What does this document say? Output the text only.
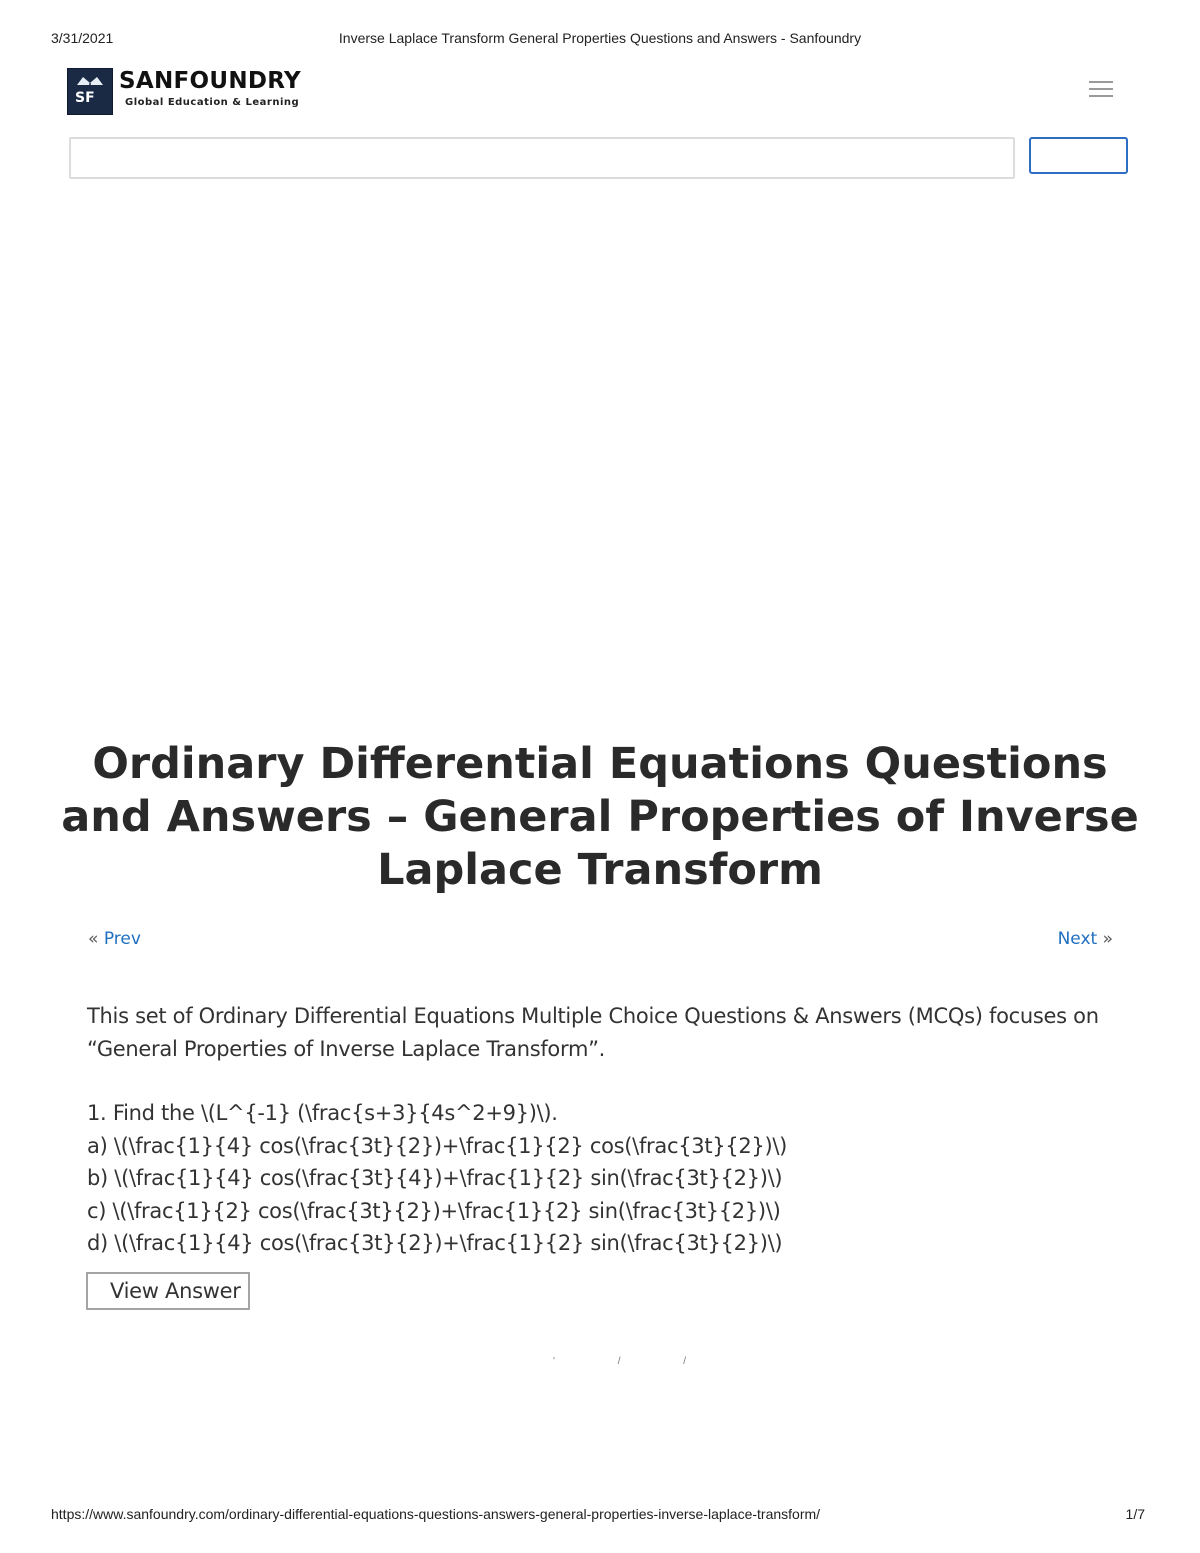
3/31/2021	Inverse Laplace Transform General Properties Questions and Answers - Sanfoundry
SF
SANFOUNDRY
Global Education & Learning
Ordinary Differential Equations Questions and Answers – General Properties of Inverse Laplace Transform
« Prev	Next »

This set of Ordinary Differential Equations Multiple Choice Questions & Answers (MCQs) focuses on
“General Properties of Inverse Laplace Transform”.

1. Find the \(L^{-1} (\frac{s+3}{4s^2+9})\).
a) \(\frac{1}{4} cos(\frac{3t}{2})+\frac{1}{2} cos(\frac{3t}{2})\)
b) \(\frac{1}{4} cos(\frac{3t}{4})+\frac{1}{2} sin(\frac{3t}{2})\)
c) \(\frac{1}{2} cos(\frac{3t}{2})+\frac{1}{2} sin(\frac{3t}{2})\)
d) \(\frac{1}{4} cos(\frac{3t}{2})+\frac{1}{2} sin(\frac{3t}{2})\)
View Answer
' / /
https://www.sanfoundry.com/ordinary-differential-equations-questions-answers-general-properties-inverse-laplace-transform/	1/7
